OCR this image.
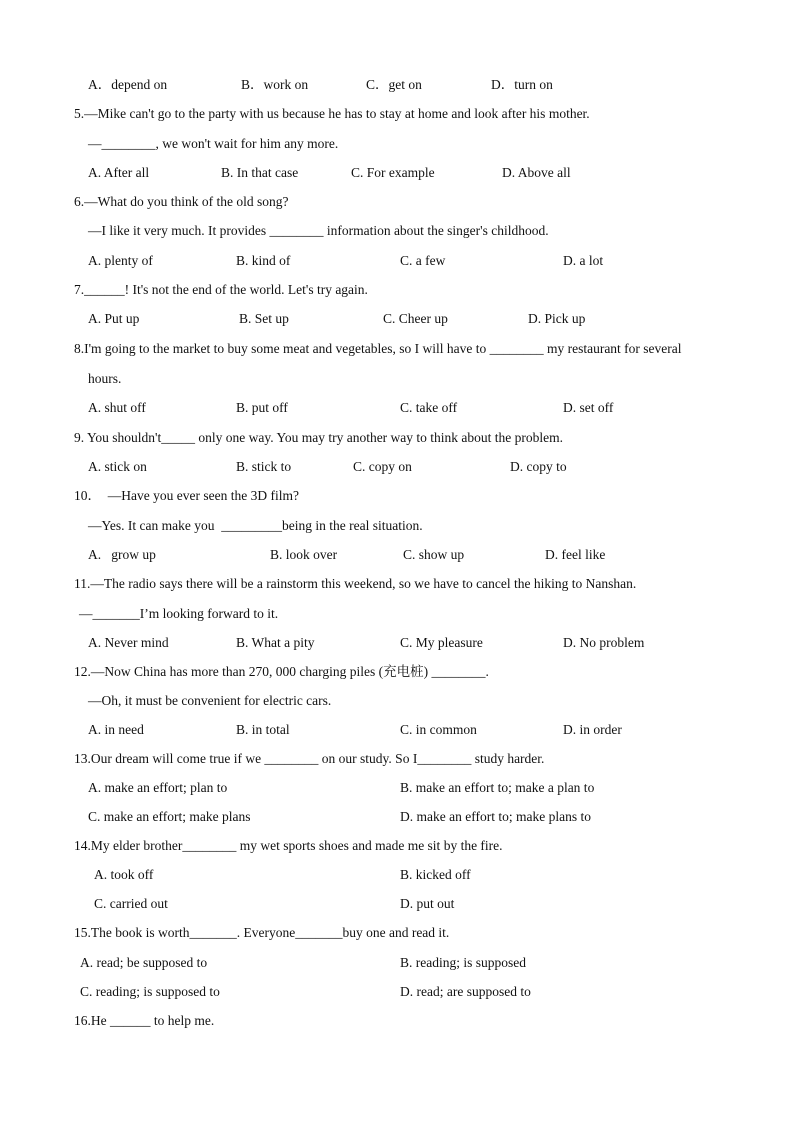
A．depend on	B．work on	C．get on	D．turn on
5.—Mike can't go to the party with us because he has to stay at home and look after his mother.
—________, we won't wait for him any more.
A. After all	B. In that case	C. For example	D. Above all
6.—What do you think of the old song?
—I like it very much. It provides ________ information about the singer's childhood.
A. plenty of	B. kind of	C. a few	D. a lot
7.______! It's not the end of the world. Let's try again.
A. Put up	B. Set up	C. Cheer up	D. Pick up
8.I'm going to the market to buy some meat and vegetables, so I will have to ________ my restaurant for several
hours.
A. shut off	B. put off	C. take off	D. set off
9. You shouldn't_____ only one way. You may try another way to think about the problem.
A. stick on	B. stick to	C. copy on	D. copy to
10．  —Have you ever seen the 3D film?
—Yes. It can make you  _________being in the real situation.
A.   grow up	B. look over	C. show up	D. feel like
11.—The radio says there will be a rainstorm this weekend, so we have to cancel the hiking to Nanshan.
—_______I’m looking forward to it.
A. Never mind	B. What a pity	C. My pleasure	D. No problem
12.—Now China has more than 270, 000 charging piles (充电桩) ________.
—Oh, it must be convenient for electric cars.
A. in need	B. in total	C. in common	D. in order
13.Our dream will come true if we ________ on our study. So I________ study harder.
A. make an effort; plan to	B. make an effort to; make a plan to
C. make an effort; make plans	D. make an effort to; make plans to
14.My elder brother________ my wet sports shoes and made me sit by the fire.
A. took off	B. kicked off
C. carried out	D. put out
15.The book is worth_______. Everyone_______buy one and read it.
A. read; be supposed to	B. reading; is supposed
C. reading; is supposed to	D. read; are supposed to
16.He ______ to help me.
